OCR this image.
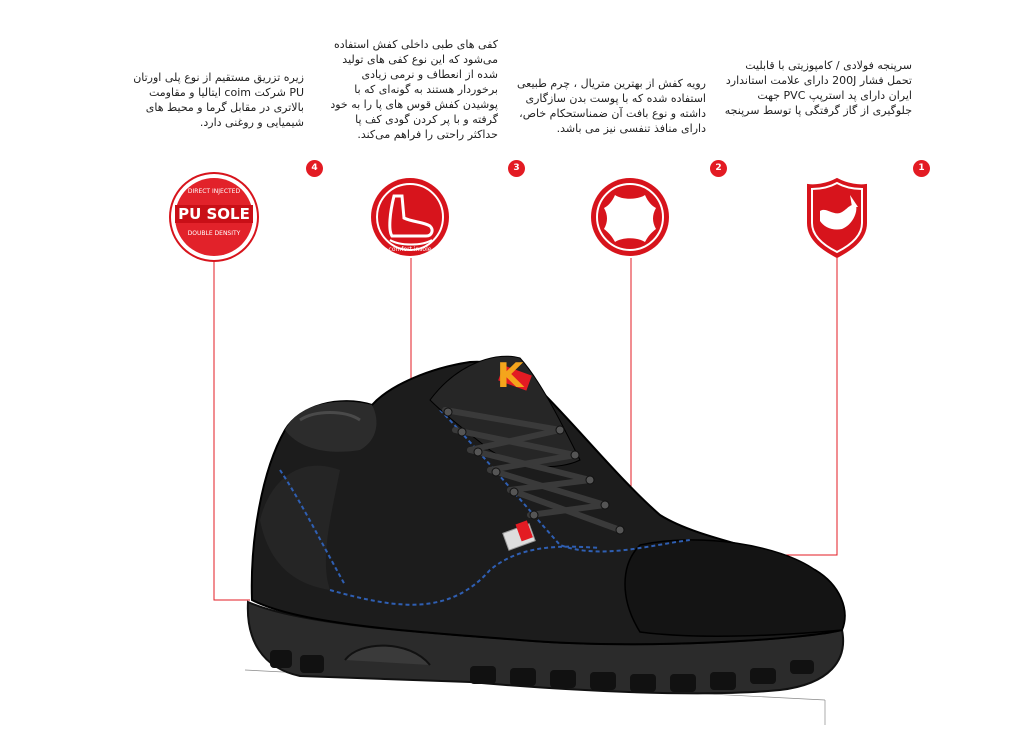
سرپنجه فولادی / کامپوزیتی با قابلیت تحمل فشار 200J دارای علامت استاندارد ایران دارای پد استرپپ PVC جهت جلوگیری از گاز گرفتگی پا توسط سرپنجه
رویه کفش از بهترین متریال ، چرم طبیعی استفاده شده که با پوست بدن سازگاری داشته و نوع بافت آن ضمناستحکام خاص، دارای منافذ تنفسی نیز می باشد.
کفی های طبی داخلی کفش استفاده می‌شود که این نوع کفی های تولید شده از انعطاف و نرمی زیادی برخوردار هستند به گونه‌ای که با پوشیدن کفش قوس های پا را به خود گرفته و با پر کردن گودی کف پا حداکثر راحتی را فراهم می‌کند.
زیره تزریق مستقیم از نوع پلی اورتان PU شرکت coim ایتالیا و مقاومت بالاتری در مقابل گرما و محیط های شیمیایی و روغنی دارد.
1
2
3
4
comfort insole
DIRECT INJECTED
PU SOLE
DOUBLE DENSITY
K
